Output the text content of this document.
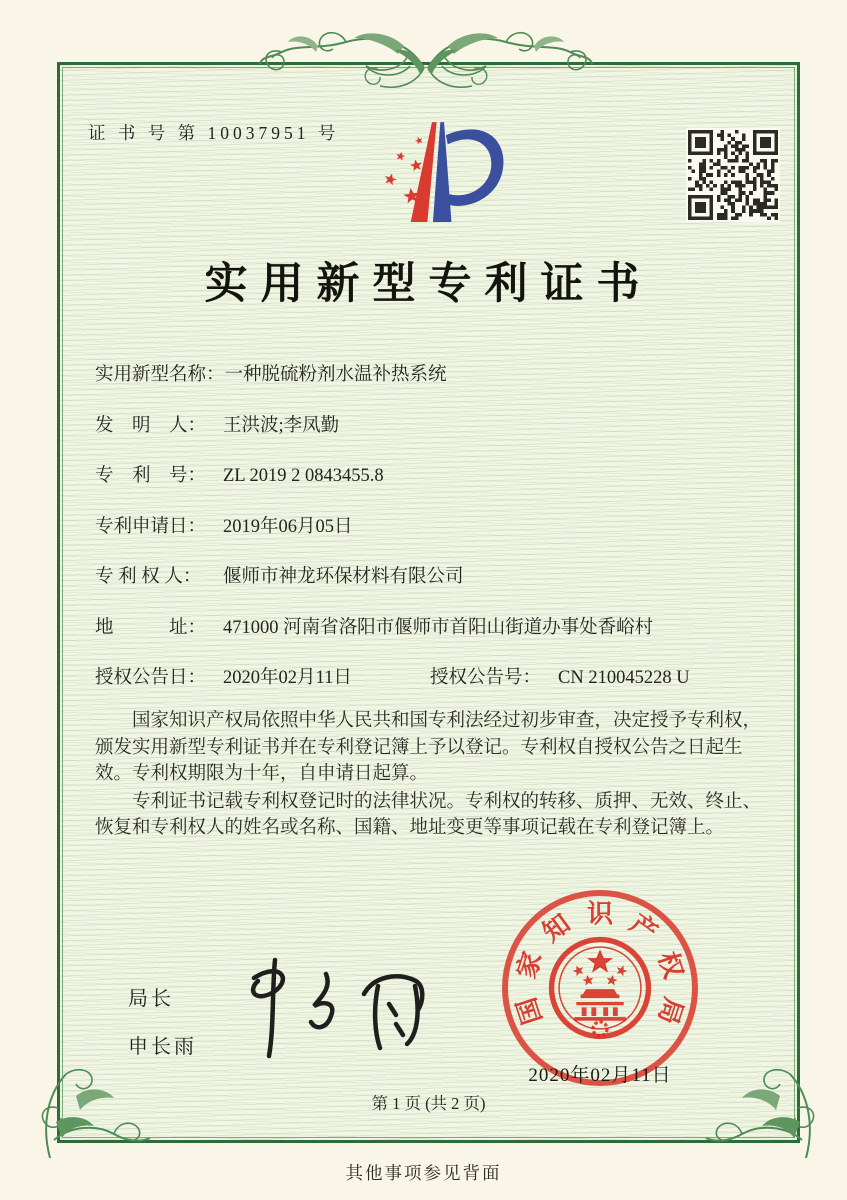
证 书 号 第 10037951 号
实用新型专利证书
实用新型名称：一种脱硫粉剂水温补热系统
发　明　人： 王洪波;李凤勤
专　利　号： ZL 2019 2 0843455.8
专利申请日： 2019年06月05日
专 利 权 人： 偃师市神龙环保材料有限公司
地　　　址： 471000 河南省洛阳市偃师市首阳山街道办事处香峪村
授权公告日： 2020年02月11日	授权公告号： CN 210045228 U

国家知识产权局依照中华人民共和国专利法经过初步审查，决定授予专利权，颁发实用新型专利证书并在专利登记簿上予以登记。专利权自授权公告之日起生效。专利权期限为十年，自申请日起算。

专利证书记载专利权登记时的法律状况。专利权的转移、质押、无效、终止、恢复和专利权人的姓名或名称、国籍、地址变更等事项记载在专利登记簿上。

局长
申长雨
国
家
知 识 产
权
局
2020年02月11日
第 1 页 (共 2 页)
其他事项参见背面
